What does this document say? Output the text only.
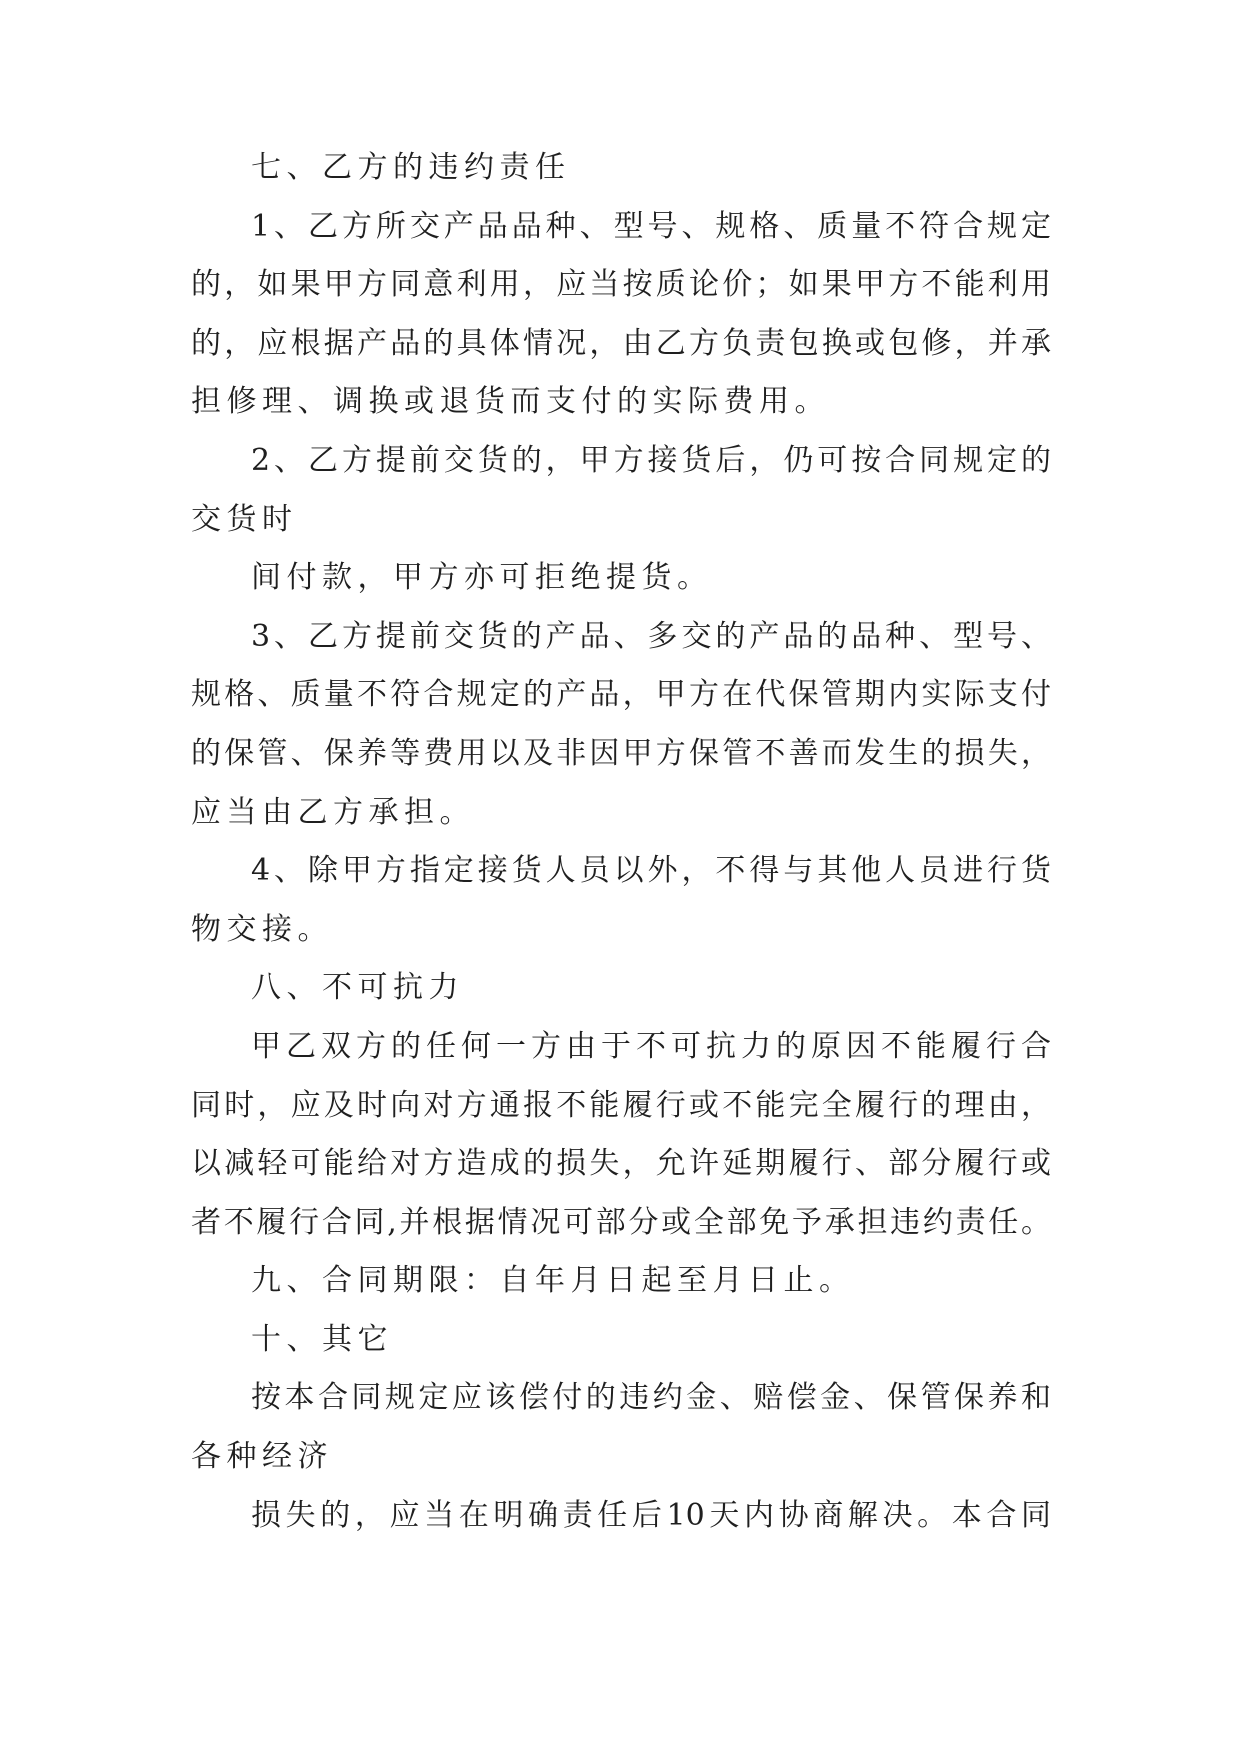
七、乙方的违约责任
1、乙方所交产品品种、型号、规格、质量不符合规定
的，如果甲方同意利用，应当按质论价；如果甲方不能利用
的，应根据产品的具体情况，由乙方负责包换或包修，并承
担修理、调换或退货而支付的实际费用。
2、乙方提前交货的，甲方接货后，仍可按合同规定的
交货时
间付款，甲方亦可拒绝提货。
3、乙方提前交货的产品、多交的产品的品种、型号、
规格、质量不符合规定的产品，甲方在代保管期内实际支付
的保管、保养等费用以及非因甲方保管不善而发生的损失，
应当由乙方承担。
4、除甲方指定接货人员以外，不得与其他人员进行货
物交接。
八、不可抗力
甲乙双方的任何一方由于不可抗力的原因不能履行合
同时，应及时向对方通报不能履行或不能完全履行的理由，
以减轻可能给对方造成的损失，允许延期履行、部分履行或
者不履行合同,并根据情况可部分或全部免予承担违约责任。
九、合同期限：自年月日起至月日止。
十、其它
按本合同规定应该偿付的违约金、赔偿金、保管保养和
各种经济
损失的，应当在明确责任后10天内协商解决。本合同
